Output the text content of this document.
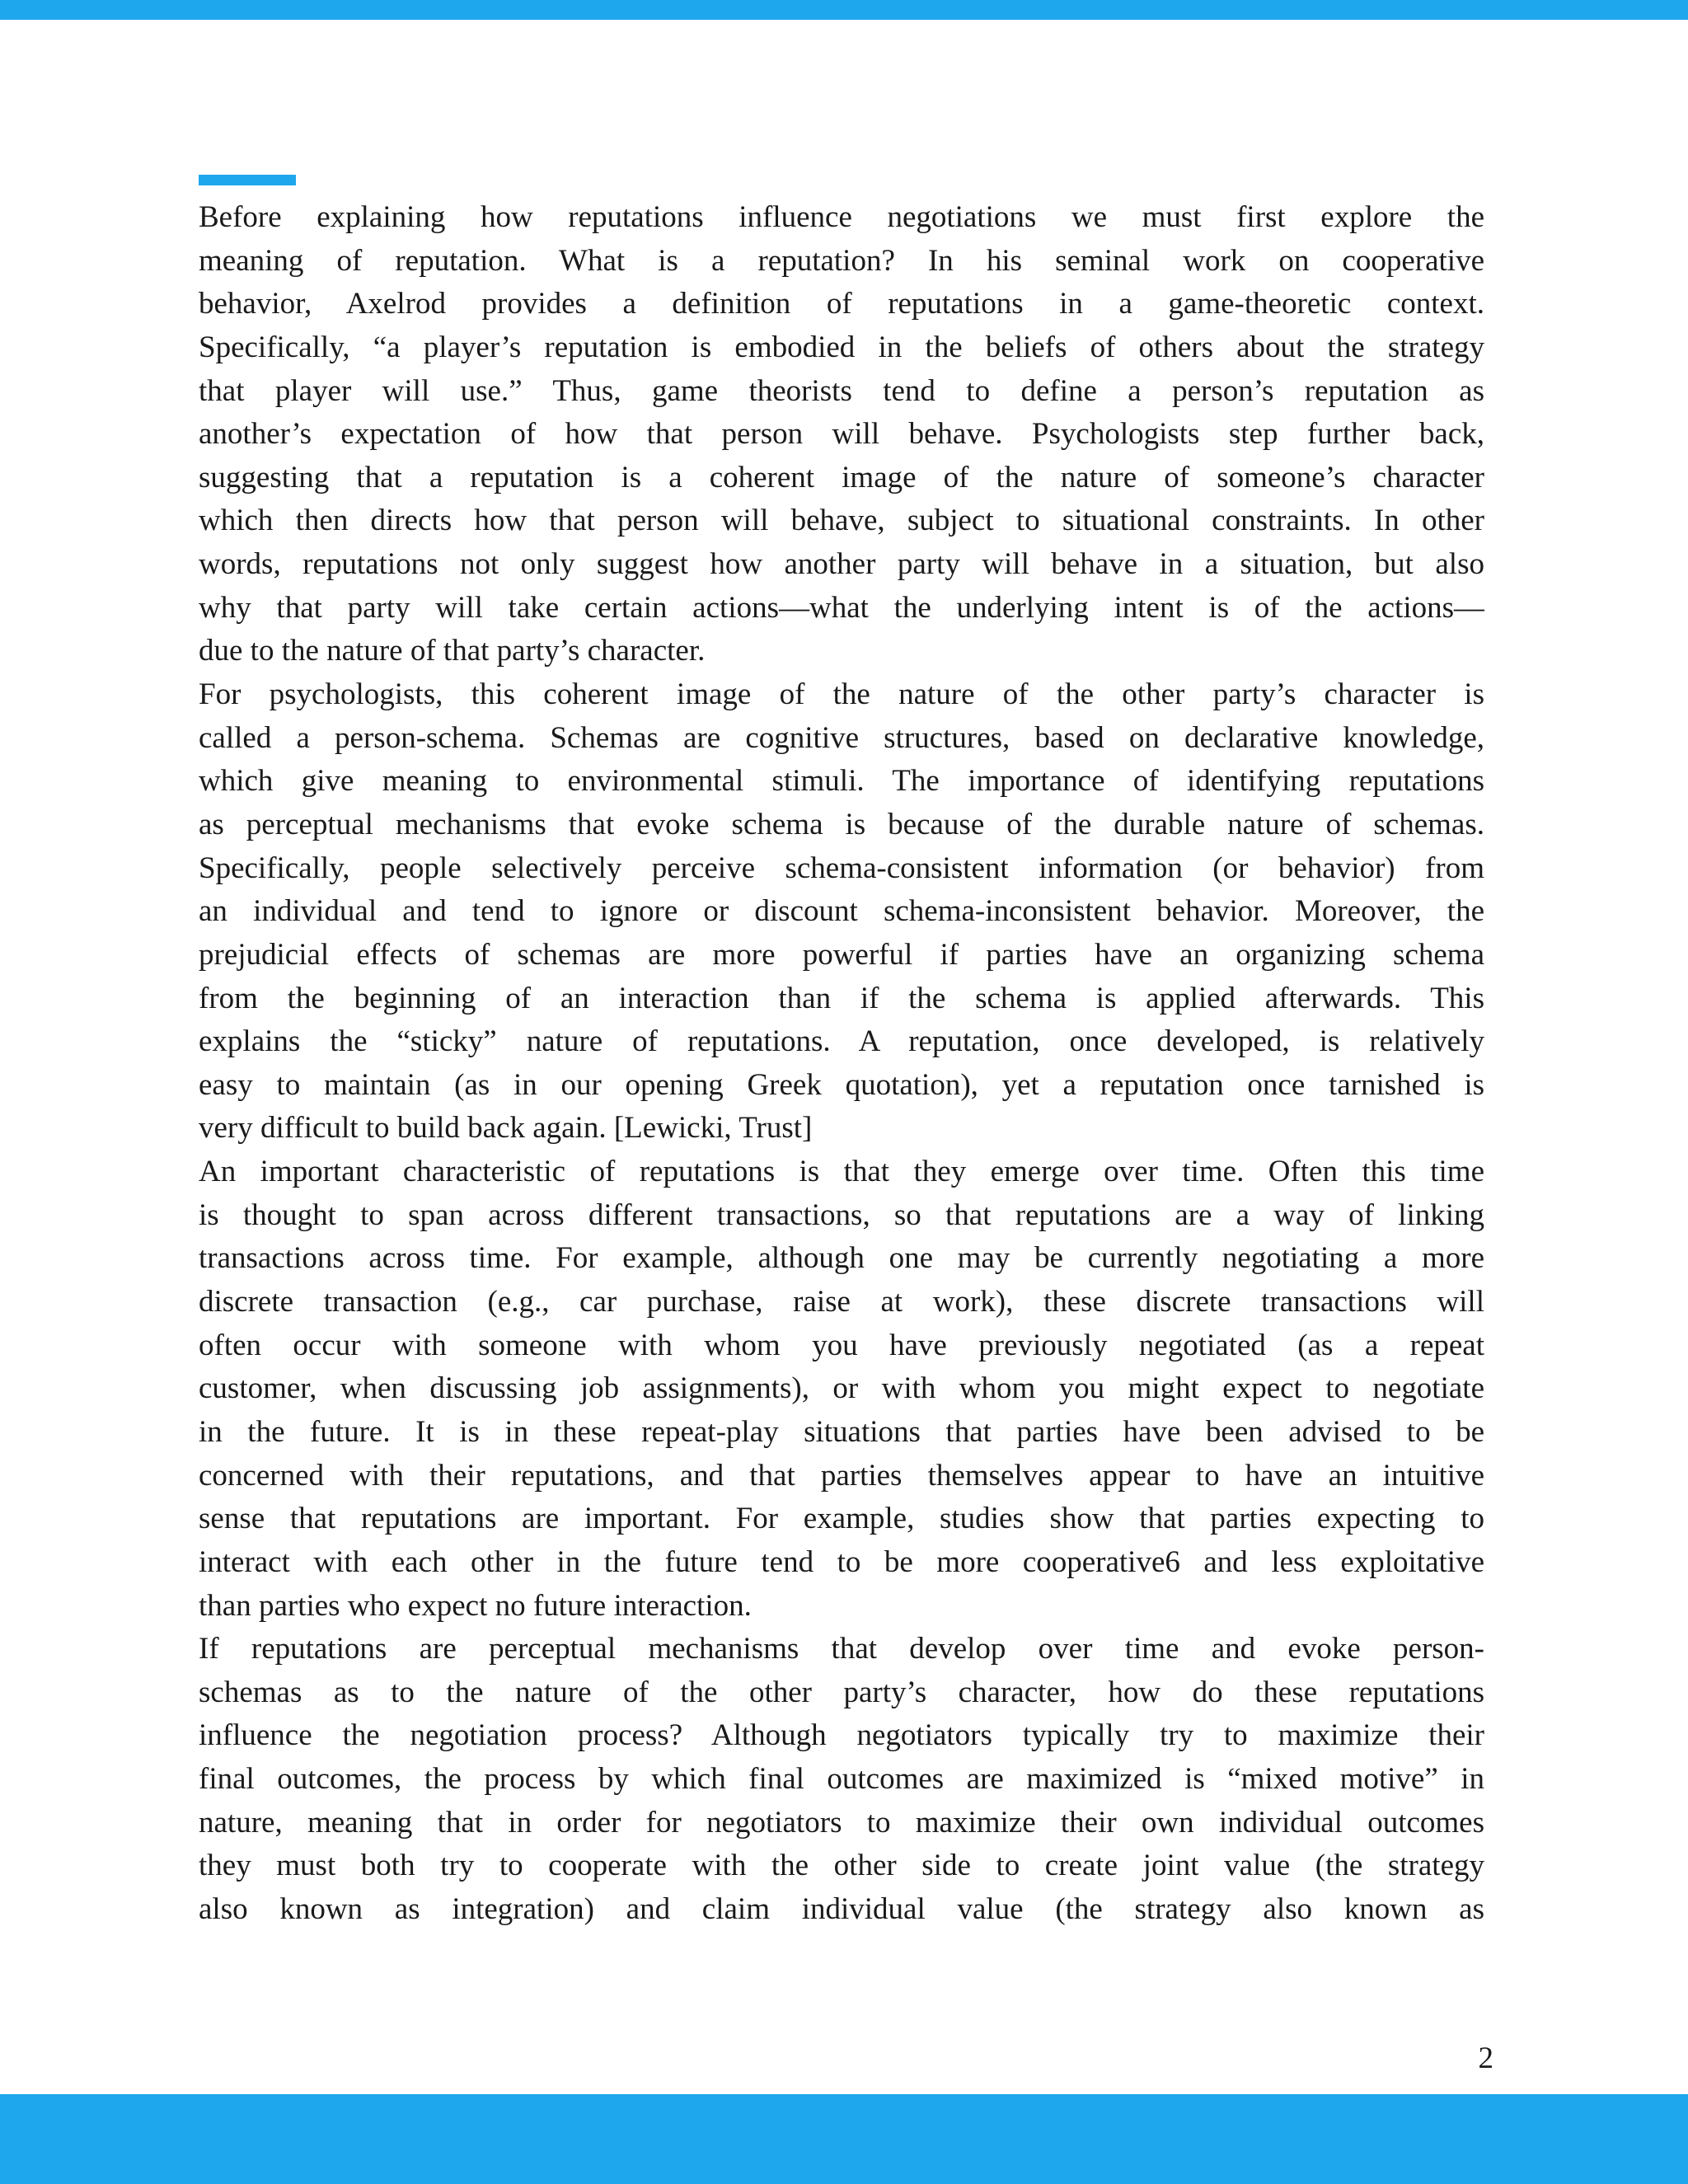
Before explaining how reputations influence negotiations we must first explore the
meaning of reputation. What is a reputation? In his seminal work on cooperative
behavior, Axelrod provides a definition of reputations in a game-theoretic context.
Specifically, “a player’s reputation is embodied in the beliefs of others about the strategy
that player will use.” Thus, game theorists tend to define a person’s reputation as
another’s expectation of how that person will behave. Psychologists step further back,
suggesting that a reputation is a coherent image of the nature of someone’s character
which then directs how that person will behave, subject to situational constraints. In other
words, reputations not only suggest how another party will behave in a situation, but also
why that party will take certain actions—what the underlying intent is of the actions—
due to the nature of that party’s character.
For psychologists, this coherent image of the nature of the other party’s character is
called a person-schema. Schemas are cognitive structures, based on declarative knowledge,
which give meaning to environmental stimuli. The importance of identifying reputations
as perceptual mechanisms that evoke schema is because of the durable nature of schemas.
Specifically, people selectively perceive schema-consistent information (or behavior) from
an individual and tend to ignore or discount schema-inconsistent behavior. Moreover, the
prejudicial effects of schemas are more powerful if parties have an organizing schema
from the beginning of an interaction than if the schema is applied afterwards. This
explains the “sticky” nature of reputations. A reputation, once developed, is relatively
easy to maintain (as in our opening Greek quotation), yet a reputation once tarnished is
very difficult to build back again. [Lewicki, Trust]
An important characteristic of reputations is that they emerge over time. Often this time
is thought to span across different transactions, so that reputations are a way of linking
transactions across time. For example, although one may be currently negotiating a more
discrete transaction (e.g., car purchase, raise at work), these discrete transactions will
often occur with someone with whom you have previously negotiated (as a repeat
customer, when discussing job assignments), or with whom you might expect to negotiate
in the future. It is in these repeat-play situations that parties have been advised to be
concerned with their reputations, and that parties themselves appear to have an intuitive
sense that reputations are important. For example, studies show that parties expecting to
interact with each other in the future tend to be more cooperative6 and less exploitative
than parties who expect no future interaction.
If reputations are perceptual mechanisms that develop over time and evoke person-
schemas as to the nature of the other party’s character, how do these reputations
influence the negotiation process? Although negotiators typically try to maximize their
final outcomes, the process by which final outcomes are maximized is “mixed motive” in
nature, meaning that in order for negotiators to maximize their own individual outcomes
they must both try to cooperate with the other side to create joint value (the strategy
also known as integration) and claim individual value (the strategy also known as
2
